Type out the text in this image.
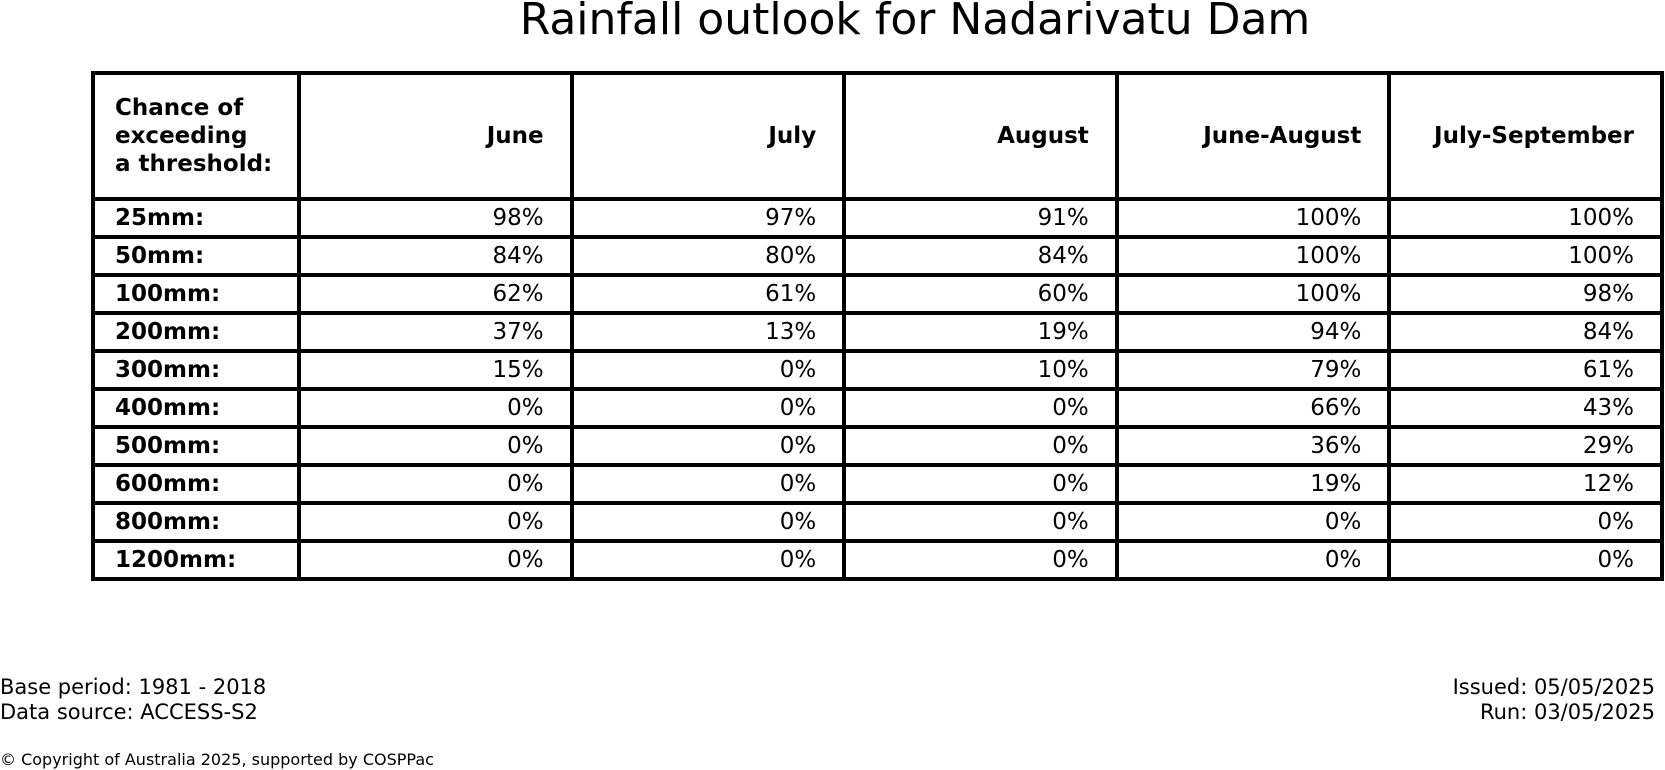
Rainfall outlook for Nadarivatu Dam
Chance of
exceeding
a threshold:	June	July	August	June-August	July-September
25mm:	98%	97%	91%	100%	100%
50mm:	84%	80%	84%	100%	100%
100mm:	62%	61%	60%	100%	98%
200mm:	37%	13%	19%	94%	84%
300mm:	15%	0%	10%	79%	61%
400mm:	0%	0%	0%	66%	43%
500mm:	0%	0%	0%	36%	29%
600mm:	0%	0%	0%	19%	12%
800mm:	0%	0%	0%	0%	0%
1200mm:	0%	0%	0%	0%	0%
Base period: 1981 - 2018
Data source: ACCESS-S2
Issued: 05/05/2025
Run: 03/05/2025
© Copyright of Australia 2025, supported by COSPPac
